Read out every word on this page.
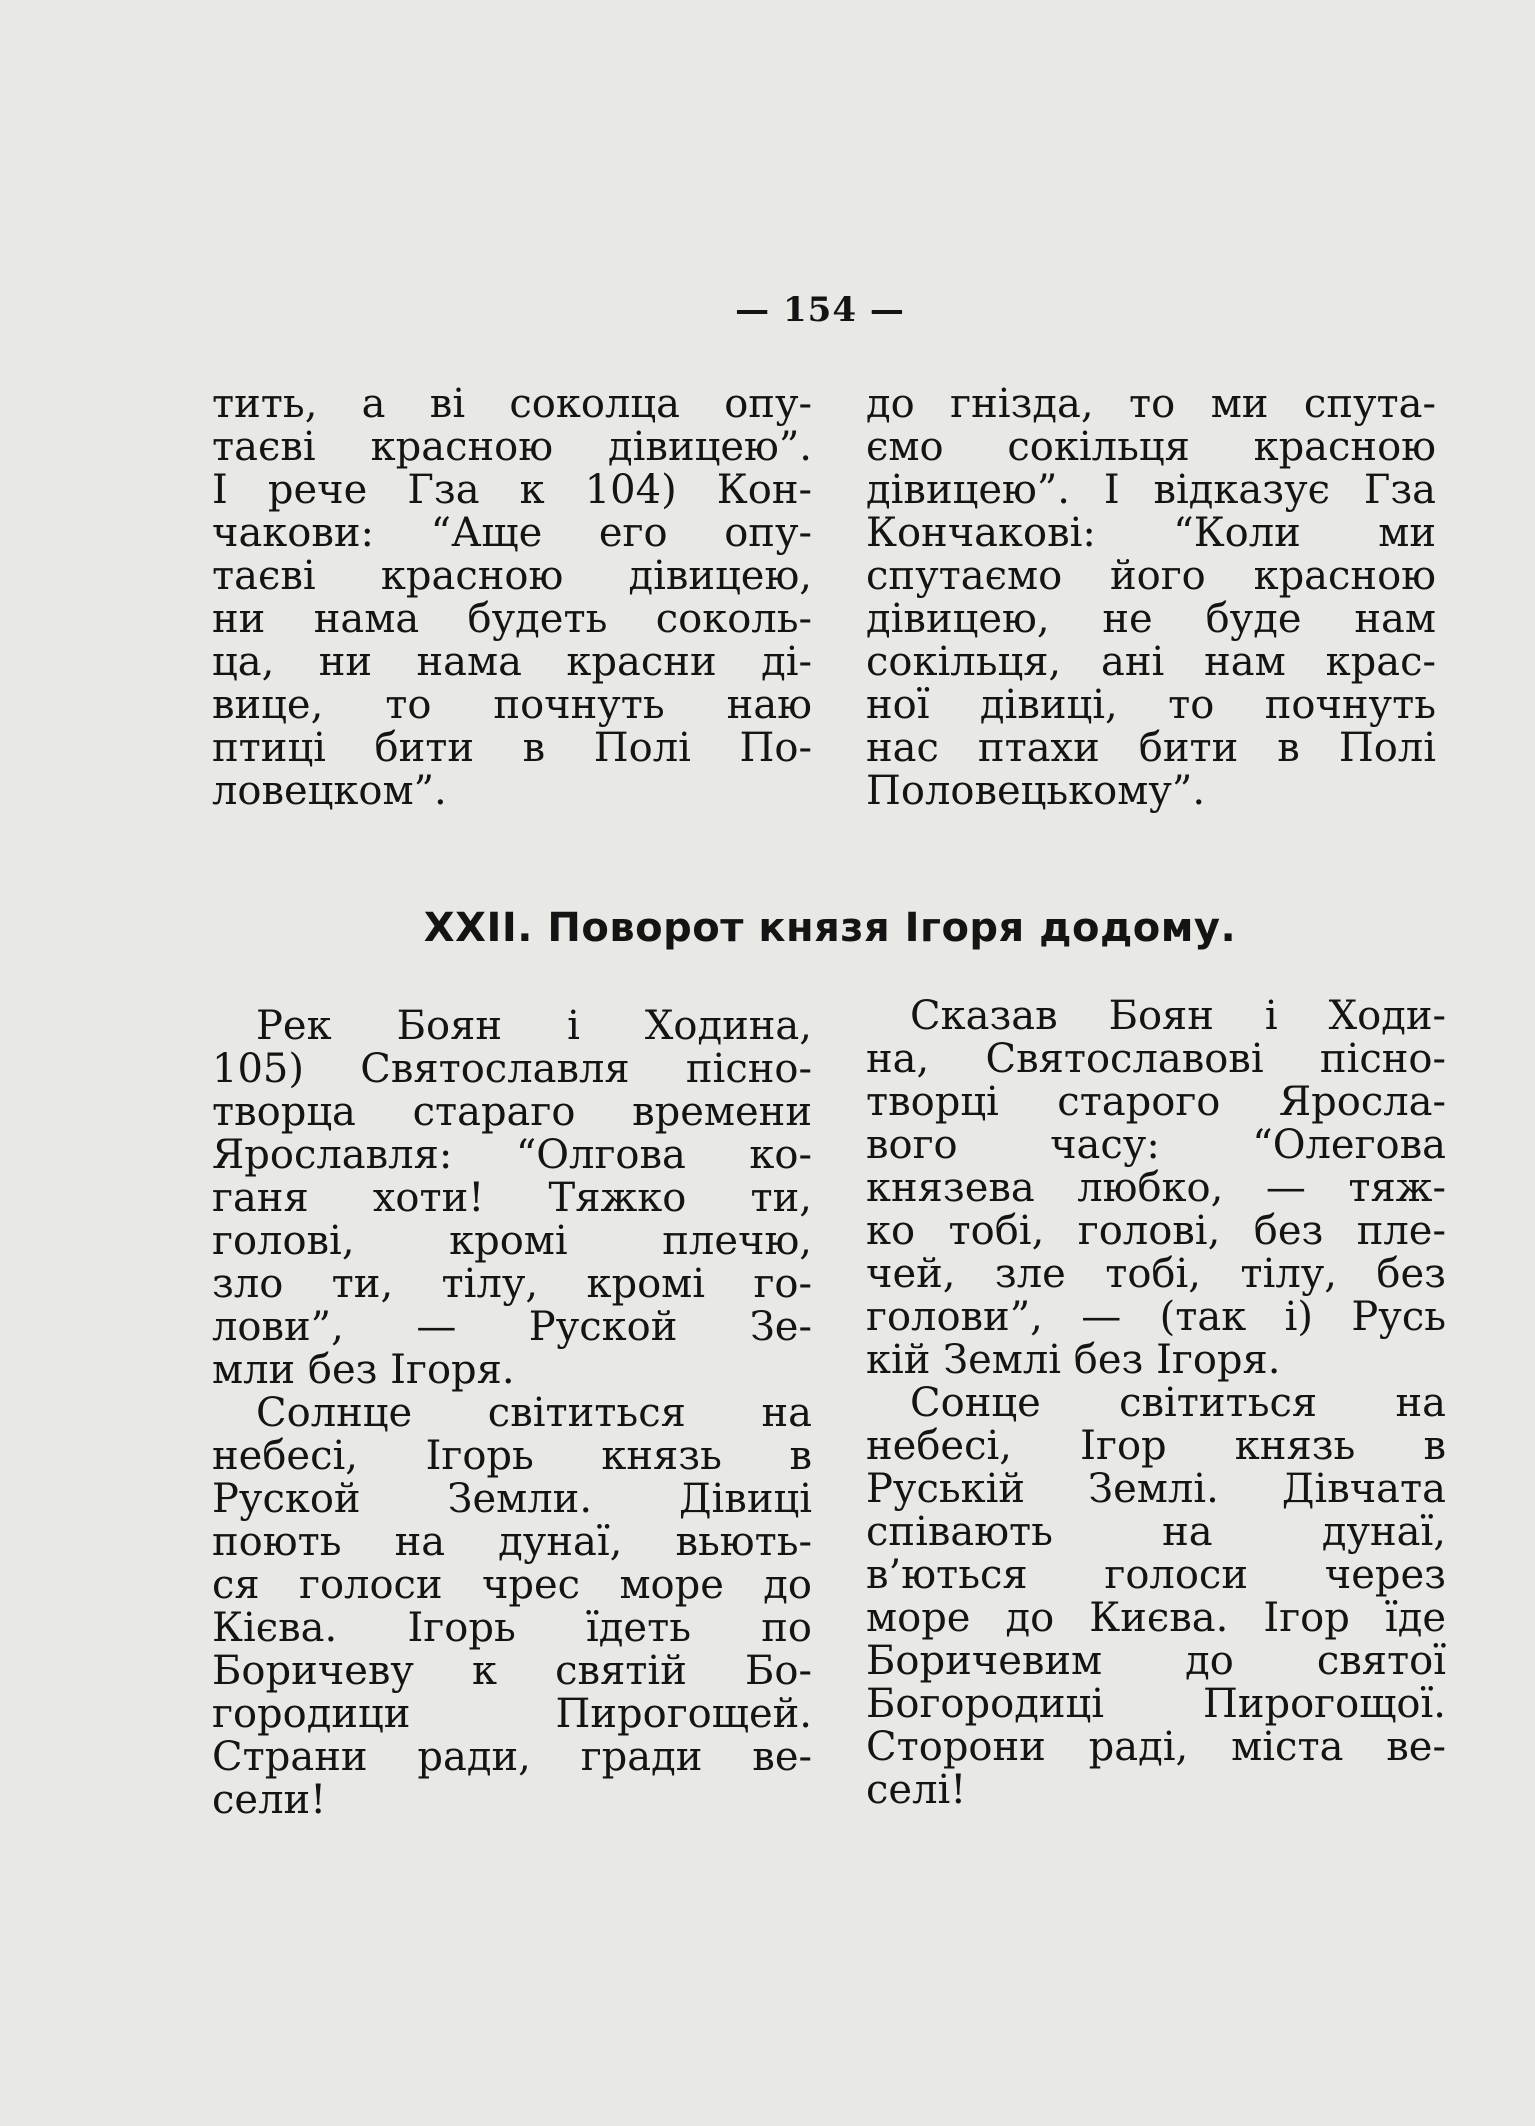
— 154 —
тить, а ві соколца опу-
таєві красною дівицею”.
І рече Гза к 104) Кон-
чакови: “Аще его опу-
таєві красною дівицею,
ни нама будеть соколь-
ца, ни нама красни ді-
вице, то почнуть наю
птиці бити в Полі По-
ловецком”.
до гнізда, то ми спута-
ємо сокільця красною
дівицею”. І відказує Гза
Кончакові: “Коли ми
спутаємо його красною
дівицею, не буде нам
сокільця, ані нам крас-
ної дівиці, то почнуть
нас птахи бити в Полі
Половецькому”.
XXII. Поворот князя Ігоря додому.
Рек Боян і Ходина,
105) Святославля пісно-
творца стараго времени
Ярославля: “Олгова ко-
ганя хоти! Тяжко ти,
голові, кромі плечю,
зло ти, тілу, кромі го-
лови”, — Руской Зе-
мли без Ігоря.
Солнце світиться на
небесі, Ігорь князь в
Руской Земли. Дівиці
поють на дунаї, вьють-
ся голоси чрес море до
Кієва. Ігорь їдеть по
Боричеву к святій Бо-
городици Пирогощей.
Страни ради, гради ве-
сели!
Сказав Боян і Ходи-
на, Святославові пісно-
творці старого Яросла-
вого часу: “Олегова
князева любко, — тяж-
ко тобі, голові, без пле-
чей, зле тобі, тілу, без
голови”, — (так і) Русь
кій Землі без Ігоря.
Сонце світиться на
небесі, Ігор князь в
Руській Землі. Дівчата
співають на дунаї,
в’ються голоси через
море до Києва. Ігор їде
Боричевим до святої
Богородиці Пирогощої.
Сторони раді, міста ве-
селі!
